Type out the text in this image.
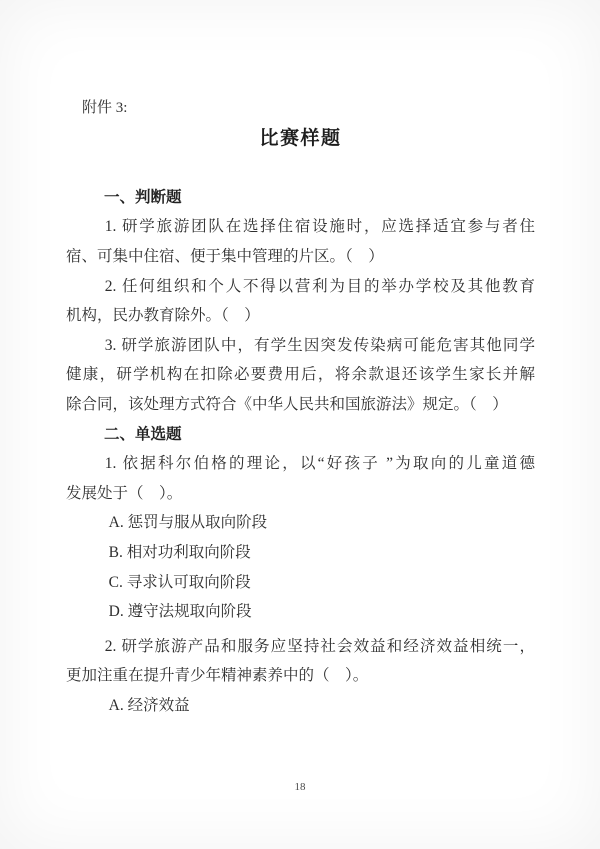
附件 3:
比赛样题
一、判断题
1. 研学旅游团队在选择住宿设施时，应选择适宜参与者住
宿、可集中住宿、便于集中管理的片区。（　）
2. 任何组织和个人不得以营利为目的举办学校及其他教育
机构，民办教育除外。（　）
3. 研学旅游团队中，有学生因突发传染病可能危害其他同学
健康，研学机构在扣除必要费用后，将余款退还该学生家长并解
除合同，该处理方式符合《中华人民共和国旅游法》规定。（　）
二、单选题
1. 依据科尔伯格的理论，以“好孩子 ”为取向的儿童道德
发展处于（　）。
A. 惩罚与服从取向阶段
B. 相对功利取向阶段
C. 寻求认可取向阶段
D. 遵守法规取向阶段
2. 研学旅游产品和服务应坚持社会效益和经济效益相统一，
更加注重在提升青少年精神素养中的（　）。
A. 经济效益
18
